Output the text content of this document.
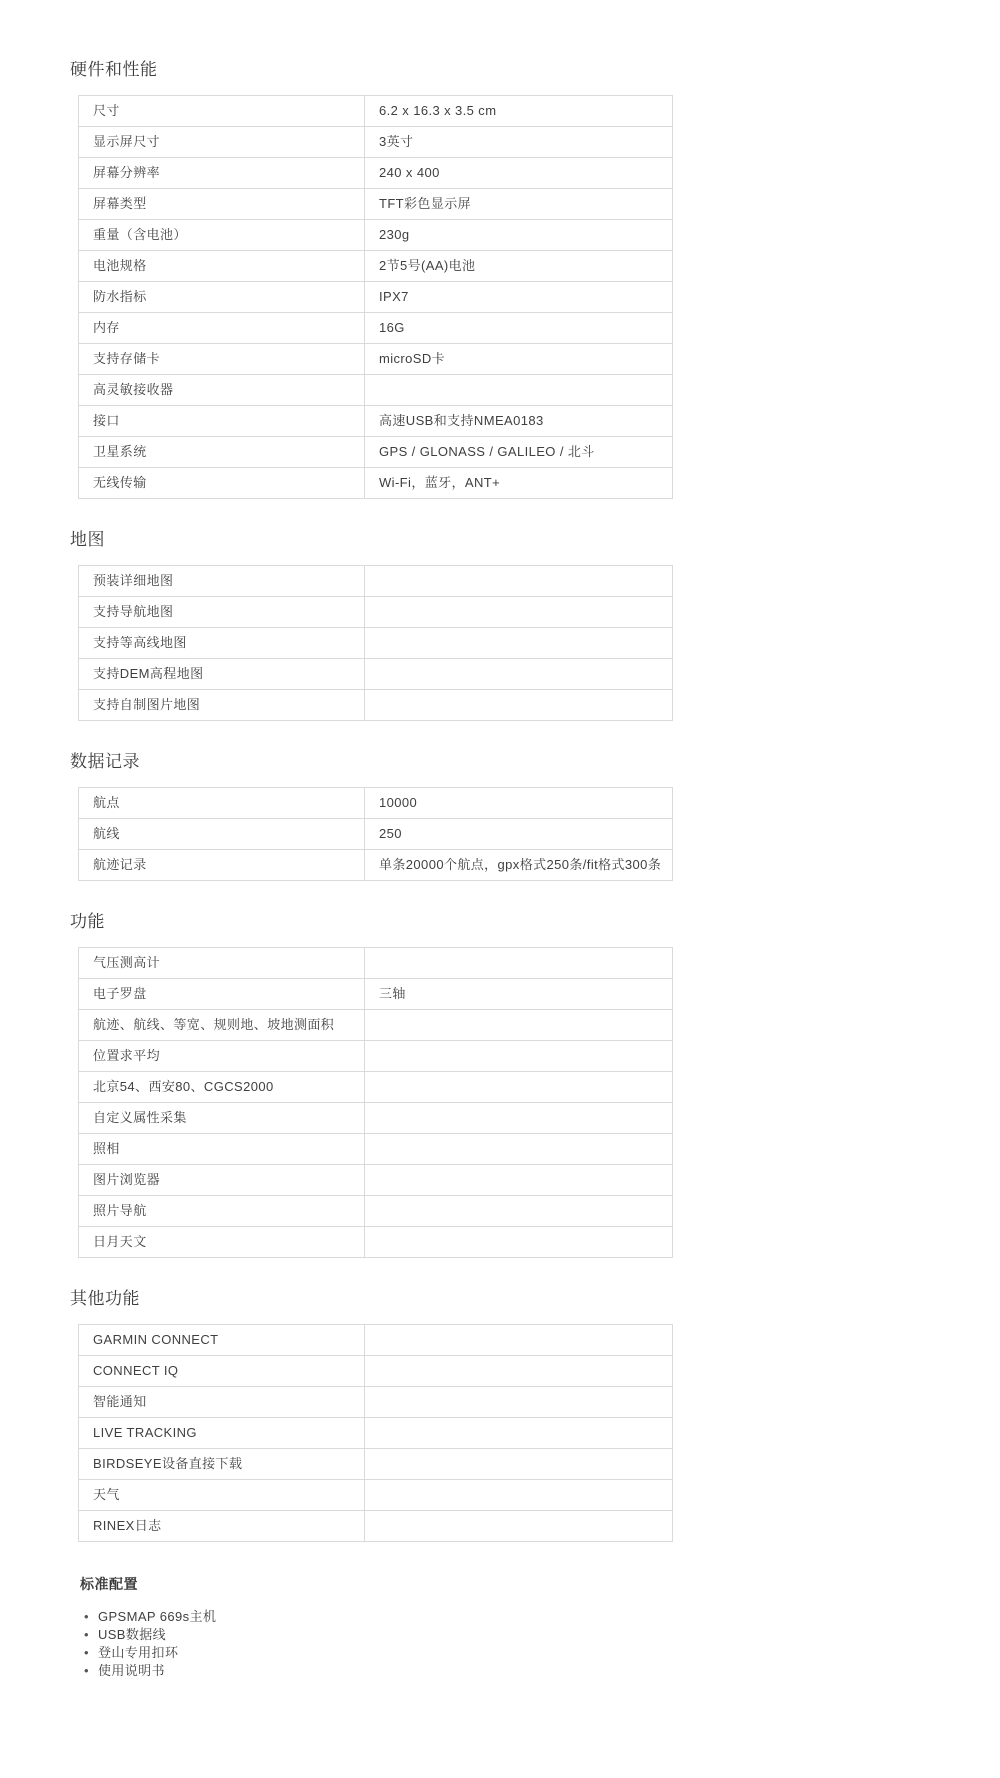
硬件和性能
尺寸	6.2 x 16.3 x 3.5 cm
显示屏尺寸	3英寸
屏幕分辨率	240 x 400
屏幕类型	TFT彩色显示屏
重量（含电池）	230g
电池规格	2节5号(AA)电池
防水指标	IPX7
内存	16G
支持存储卡	microSD卡
高灵敏接收器	
接口	高速USB和支持NMEA0183
卫星系统	GPS / GLONASS / GALILEO / 北斗
无线传输	Wi-Fi，蓝牙，ANT+
地图
预装详细地图	
支持导航地图	
支持等高线地图	
支持DEM高程地图	
支持自制图片地图	
数据记录
航点	10000
航线	250
航迹记录	单条20000个航点，gpx格式250条/fit格式300条
功能
气压测高计	
电子罗盘	三轴
航迹、航线、等宽、规则地、坡地测面积	
位置求平均	
北京54、西安80、CGCS2000	
自定义属性采集	
照相	
图片浏览器	
照片导航	
日月天文	
其他功能
GARMIN CONNECT	
CONNECT IQ	
智能通知	
LIVE TRACKING	
BIRDSEYE设备直接下载	
天气	
RINEX日志	
标准配置
• GPSMAP 669s主机
• USB数据线
• 登山专用扣环
• 使用说明书
